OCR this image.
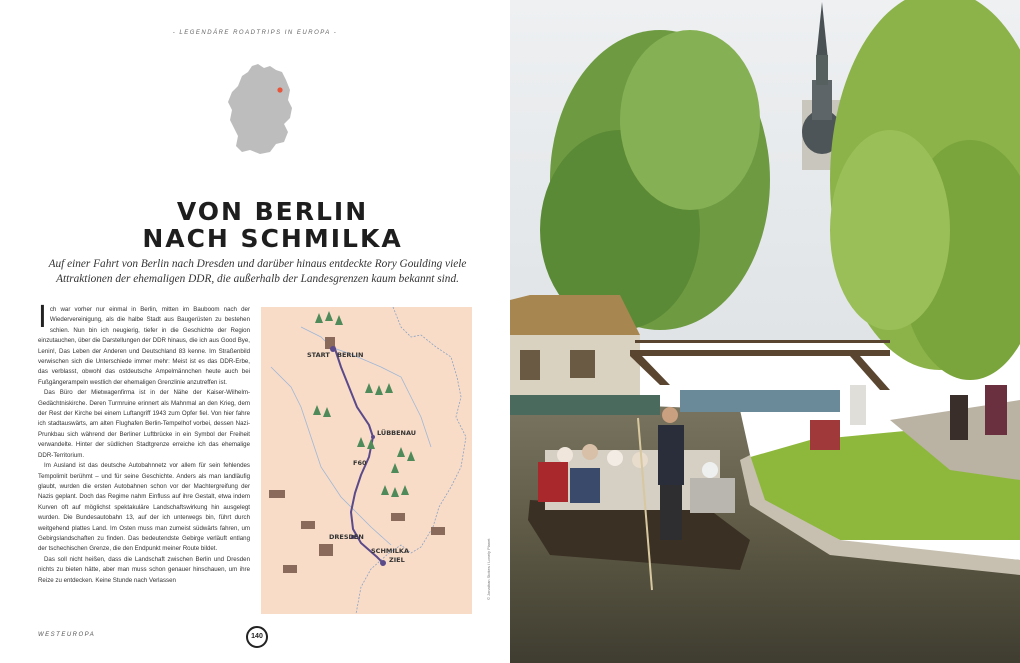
- LEGENDÄRE ROADTRIPS IN EUROPA -
VON BERLIN
NACH SCHMILKA
Auf einer Fahrt von Berlin nach Dresden und darüber hinaus entdeckte Rory Goulding viele Attraktionen der ehemaligen DDR, die außerhalb der Landesgrenzen kaum bekannt sind.

Ich war vorher nur einmal in Berlin, mitten im Bauboom nach der Wiedervereinigung, als die halbe Stadt aus Baugerüsten zu bestehen schien. Nun bin ich neugierig, tiefer in die Geschichte der Region einzutauchen, über die Darstellungen der DDR hinaus, die ich aus Good Bye, Lenin!, Das Leben der Anderen und Deutschland 83 kenne. Im Straßenbild verwischen sich die Unterschiede immer mehr: Meist ist es das DDR-Erbe, das verblasst, obwohl das ostdeutsche Ampelmännchen heute auch bei Fußgängerampeln westlich der ehemaligen Grenzlinie anzutreffen ist.

Das Büro der Mietwagenfirma ist in der Nähe der Kaiser-Wilhelm-Gedächtniskirche. Deren Turmruine erinnert als Mahnmal an den Krieg, dem der Rest der Kirche bei einem Luftangriff 1943 zum Opfer fiel. Von hier fahre ich stadtauswärts, am alten Flughafen Berlin-Tempelhof vorbei, dessen Nazi-Prunkbau sich während der Berliner Luftbrücke in ein Symbol der Freiheit verwandelte. Hinter der südlichen Stadtgrenze erreiche ich das ehemalige DDR-Territorium.

Im Ausland ist das deutsche Autobahnnetz vor allem für sein fehlendes Tempolimit berühmt – und für seine Geschichte. Anders als man landläufig glaubt, wurden die ersten Autobahnen schon vor der Machtergreifung der Nazis geplant. Doch das Regime nahm Einfluss auf ihre Gestalt, etwa indem Kurven oft auf möglichst spektakuläre Landschaftswirkung hin ausgelegt wurden. Die Bundesautobahn 13, auf der ich unterwegs bin, führt durch weitgehend plattes Land. Im Osten muss man zumeist südwärts fahren, um Gebirgslandschaften zu finden. Das bedeutendste Gebirge verläuft entlang der tschechischen Grenze, die den Endpunkt meiner Route bildet.

Das soll nicht heißen, dass die Landschaft zwischen Berlin und Dresden nichts zu bieten hätte, aber man muss schon genauer hinschauen, um ihre Reize zu entdecken. Keine Stunde nach Verlassen

START BERLIN
LÜBBENAU
F60
DRESDEN
SCHMILKA
ZIEL
WESTEUROPA	140
© Jonathan Stokes / Lonely Planet
